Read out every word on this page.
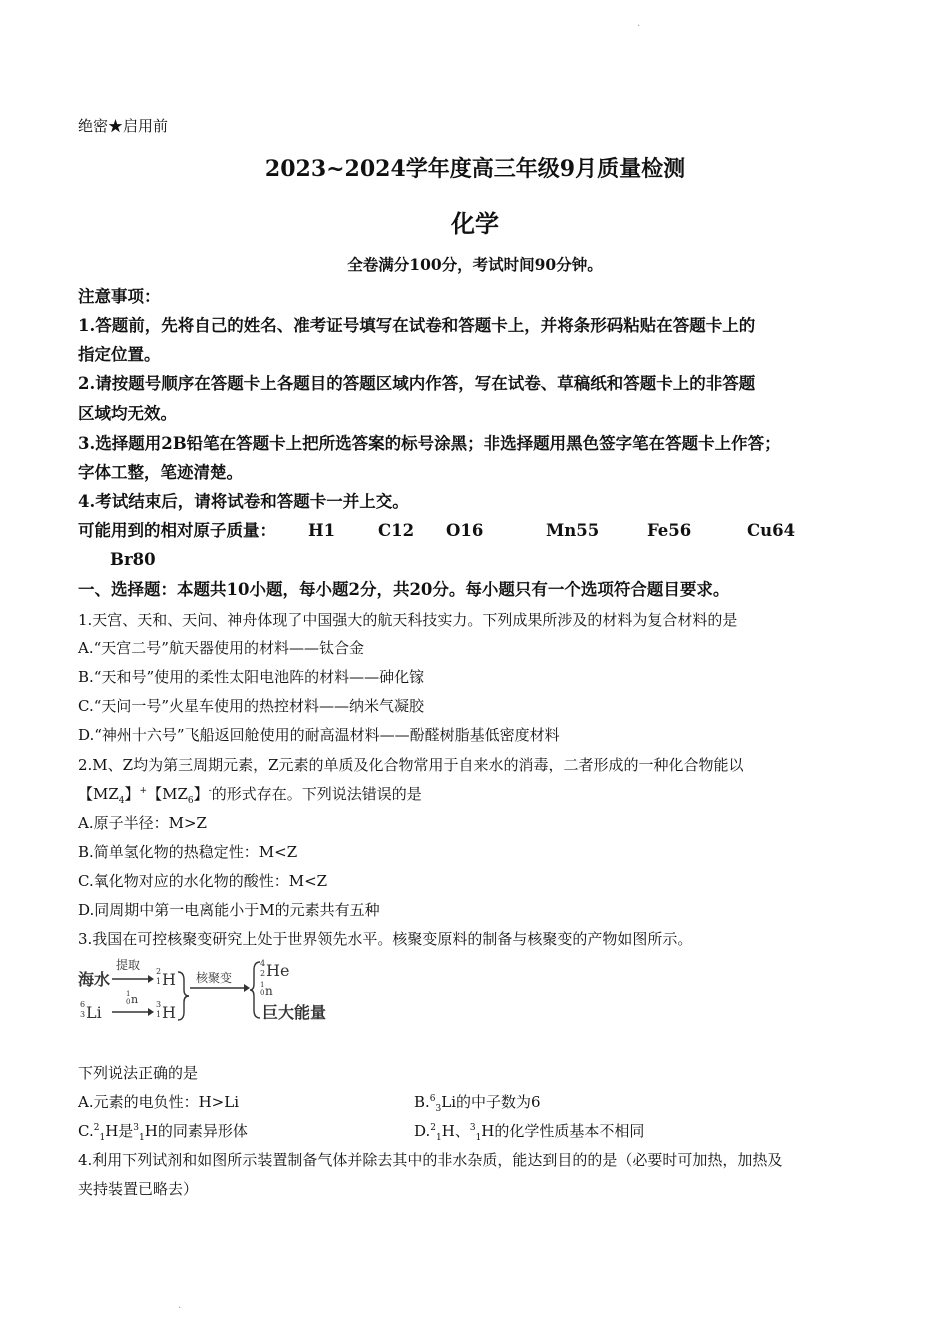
.
绝密★启用前
2023~2024学年度高三年级9月质量检测
化学
全卷满分100分，考试时间90分钟。
注意事项：
1.答题前，先将自己的姓名、准考证号填写在试卷和答题卡上，并将条形码粘贴在答题卡上的
指定位置。
2.请按题号顺序在答题卡上各题目的答题区域内作答，写在试卷、草稿纸和答题卡上的非答题
区域均无效。
3.选择题用2B铅笔在答题卡上把所选答案的标号涂黑；非选择题用黑色签字笔在答题卡上作答；
字体工整，笔迹清楚。
4.考试结束后，请将试卷和答题卡一并上交。
可能用到的相对原子质量： H1	C12 O16	Mn55	Fe56	Cu64
Br80
一、选择题：本题共10小题，每小题2分，共20分。每小题只有一个选项符合题目要求。
1.天宫、天和、天问、神舟体现了中国强大的航天科技实力。下列成果所涉及的材料为复合材料的是
A.“天宫二号”航天器使用的材料——钛合金
B.“天和号”使用的柔性太阳电池阵的材料——砷化镓
C.“天问一号”火星车使用的热控材料——纳米气凝胶
D.“神州十六号”飞船返回舱使用的耐高温材料——酚醛树脂基低密度材料
2.M、Z均为第三周期元素，Z元素的单质及化合物常用于自来水的消毒，二者形成的一种化合物能以
【$MZ_4$】+【$MZ_6$】-的形式存在。下列说法错误的是
A.原子半径：M>Z
B.简单氢化物的热稳定性：M<Z
C.氧化物对应的水化物的酸性：M<Z
D.同周期中第一电离能小于M的元素共有五种
3.我国在可控核聚变研究上处于世界领先水平。核聚变原料的制备与核聚变的产物如图所示。
海水
提取 2
1 H
6
3 Li
1
0 n 3
1 H
核聚变
4
2 He
1
0 n
巨大能量
下列说法正确的是
A.元素的电负性：H>Li	B.$^6_3$Li的中子数为6
C.$^2_1$H是$^3_1$H的同素异形体	D.$^2_1$H、$^3_1$H的化学性质基本不相同
4.利用下列试剂和如图所示装置制备气体并除去其中的非水杂质，能达到目的的是（必要时可加热，加热及
夹持装置已略去）
.
